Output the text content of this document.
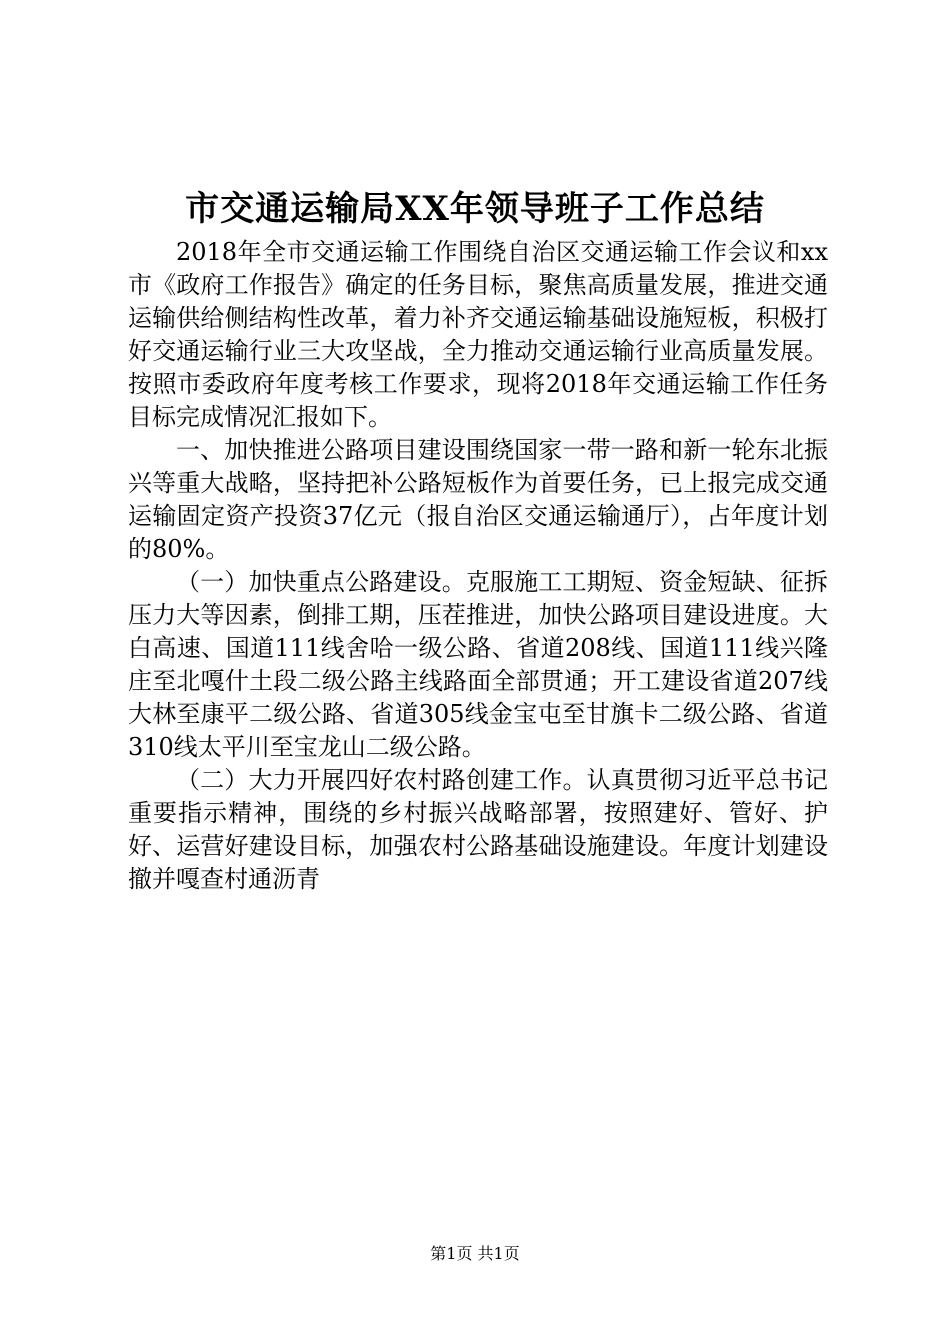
市交通运输局XX年领导班子工作总结

2018年全市交通运输工作围绕自治区交通运输工作会议和xx市《政府工作报告》确定的任务目标，聚焦高质量发展，推进交通运输供给侧结构性改革，着力补齐交通运输基础设施短板，积极打好交通运输行业三大攻坚战，全力推动交通运输行业高质量发展。按照市委政府年度考核工作要求，现将2018年交通运输工作任务目标完成情况汇报如下。

一、加快推进公路项目建设围绕国家一带一路和新一轮东北振兴等重大战略，坚持把补公路短板作为首要任务，已上报完成交通运输固定资产投资37亿元（报自治区交通运输通厅），占年度计划的80%。

（一）加快重点公路建设。克服施工工期短、资金短缺、征拆压力大等因素，倒排工期，压茬推进，加快公路项目建设进度。大白高速、国道111线舍哈一级公路、省道208线、国道111线兴隆庄至北嘎什土段二级公路主线路面全部贯通；开工建设省道207线大林至康平二级公路、省道305线金宝屯至甘旗卡二级公路、省道310线太平川至宝龙山二级公路。

（二）大力开展四好农村路创建工作。认真贯彻习近平总书记重要指示精神，围绕的乡村振兴战略部署，按照建好、管好、护好、运营好建设目标，加强农村公路基础设施建设。年度计划建设撤并嘎查村通沥青

第1页 共1页
